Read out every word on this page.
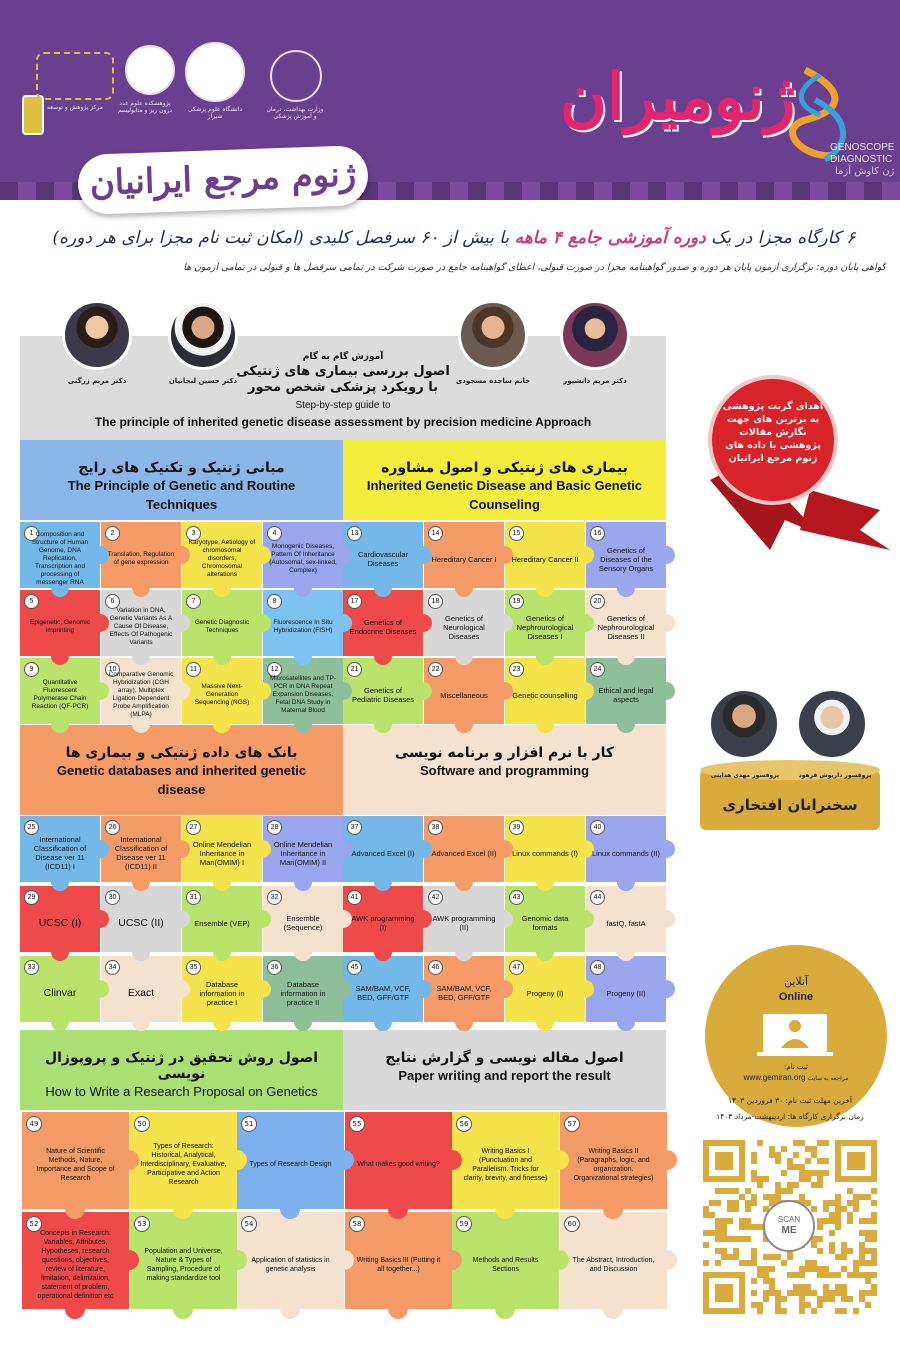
وزارت بهداشت، درمان و آموزش پزشکی
دانشگاه علوم پزشکی شیراز
پژوهشکده علوم غدد درون ریز و متابولیسم
مرکز پژوهش و توسعه	ژنومیران
GENOSCOPE
DIAGNOSTIC
ژن کاوش آزما
ژنوم مرجع ایرانیان
۶ کارگاه مجزا در یک دوره آموزشی جامع ۴ ماهه با بیش از ۶۰ سرفصل کلیدی (امکان ثبت نام مجزا برای هر دوره)
گواهی پایان دوره: برگزاری آزمون پایان هر دوره و صدور گواهینامه مجزا در صورت قبولی، اعطای گواهینامه جامع در صورت شرکت در تمامی سرفصل ها و قبولی در تمامی آزمون ها
دکتر مریم زرگنی	دکتر حسین لنجانیان	خانم ساجده مسجودی	دکتر مریم دانشپور
آموزش گام به گام
اصول بررسی بیماری های ژنتیکی
با رویکرد پزشکی شخص محور
Step-by-step guide to
The principle of inherited genetic disease assessment by precision medicine Approach
مبانی ژنتیک و تکنیک های رایج
The Principle of Genetic and Routine Techniques
بیماری های ژنتیکی و اصول مشاوره
Inherited Genetic Disease and Basic Genetic Counseling
بانک های داده ژنتیکی و بیماری ها
Genetic databases and inherited genetic disease
کار با نرم افزار و برنامه نویسی
Software and programming
اصول روش تحقیق در ژنتیک و پروپوزال نویسی
How to Write a Research Proposal on Genetics
اصول مقاله نویسی و گزارش نتایج
Paper writing and report the result
1 Composition and Structure of Human Genome, DNA Replication, Transcription and processing of messenger RNA
13
Cardiovascular Diseases
25
International Classification of Disease ver 11 (ICD11) I
37
Advanced Excel (I)
2
Translation, Regulation of gene expression
14
Hereditary Cancer I
26
International Classification of Disease ver 11 (ICD11) II
38
Advanced Excel (II)
3
Karyotype, Aetiology of chromosomal disorders, Chromosomal alterations
15
Hereditary Cancer II
27
Online Mendelian Inheritance in Man(OMIM) I
39
Linux commands (I)
4
Monogenic Diseases, Pattern Of Inheritance (Autosomal, sex-linked, Complex)
16
Genetics of Diseases of the Sensory Organs
28
Online Mendelian Inheritance in Man(OMIM) II
40
Linux commands (II)
5
Epigenetic, Genomic imprinting
17
Genetics of Endocrine Diseases
29
UCSC (I)
41
AWK programming (I)
6
Variation in DNA, Genetic Variants As A Cause Of Disease, Effects Of Pathogenic Variants
18
Genetics of Neurological Diseases
30
UCSC (II)
42
AWK programming (II)
7
Genetic Diagnostic Techniques
19
Genetics of Nephrourological Diseases I
31
Ensemble (VEP)
43
Genomic data formats
8
Fluorescence In Situ Hybridization (FISH)
20
Genetics of Nephrourological Diseases II
32
Ensemble (Sequence)
44
fastQ, fastA
9
Quantitative Fluorescent Polymerase Chain Reaction (QF-PCR)
21
Genetics of Pediatric Diseases
33
Clinvar
45
SAM/BAM, VCF, BED, GFF/GTF
10
Comparative Genomic Hybridization (CGH array), Multiplex Ligation-Dependent Probe Amplification (MLPA)
22
Miscellaneous
34
Exact
46
SAM/BAM, VCF, BED, GFF/GTF
11
Massive Next-Generation Sequencing (NGS)
23
Genetic counselling
35
Database information in practice I
47
Progeny (I)
12
Microsatellites and TP-PCR in DNA Repeat Expansion Diseases, Fetal DNA Study in Maternal Blood
24
Ethical and legal aspects
36
Database information in practice II
48
Progeny (II)
49
Nature of Scientific Methods, Nature, Importance and Scope of Research
50
Types of Research: Historical, Analytical, Interdisciplinary, Evaluative, Participative and Action Research
51
Types of Research Design
55
What makes good writing?
56
Writing Basics I (Punctuation and Parallelism. Tricks for clarity, brevity, and finesse)
57
Writing Basics II (Paragraphs, logic, and organization. Organizational strategies)
52
Concepts in Research: Variables, Attributes, Hypotheses, research questions, objectives, review of literature, limitation, delimitation, statement of problem, operational definition etc
53
Population and Universe, Nature & Types of Sampling, Procedure of making standardize tool
54
Application of statistics in genetic analysis
58
Writing Basics III (Putting it all together...)
59
Methods and Results Sections
60
The Abstract, Introduction, and Discussion
اهدای گرنت پژوهشی به برترین های جهت نگارش مقالات پژوهشی با داده های ژنوم مرجع ایرانیان
پروفسور مهدی هدایتی	پروفسور داریوش فرهود
سخنرانان افتخاری
آنلاین
Online
ثبت نام:
www.gemiran.org مراجعه به سایت
آخرین مهلت ثبت نام: ۳۰ فروردین ۱۴۰۳
زمان برگزاری کارگاه ها: اردیبهشت-مرداد ۱۴۰۳
SCAN
ME
